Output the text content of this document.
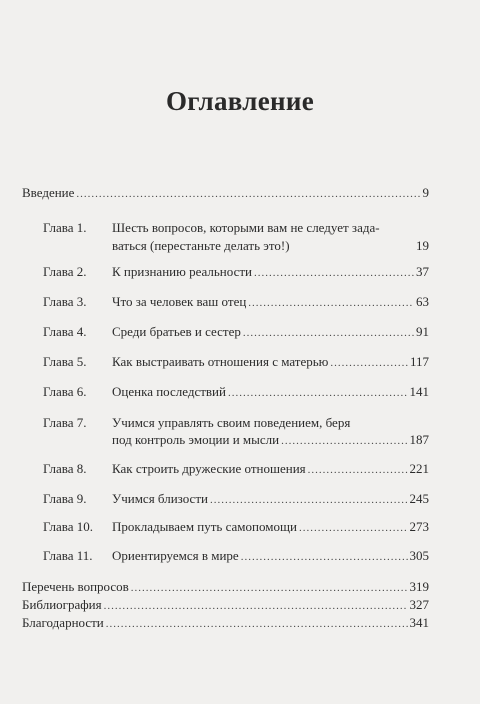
Оглавление
Введение .....	9
Глава 1. Шесть вопросов, которыми вам не следует зада-
ваться (перестаньте делать это!)	19
Глава 2.	К признанию реальности .....	37
Глава 3.	Что за человек ваш отец .....	63
Глава 4.	Среди братьев и сестер .....	91
Глава 5.	Как выстраивать отношения с матерью .....	117
Глава 6.	Оценка последствий .....	141
Глава 7. Учимся управлять своим поведением, беря
под контроль эмоции и мысли .....	187
Глава 8.	Как строить дружеские отношения .....	221
Глава 9.	Учимся близости .....	245
Глава 10.	Прокладываем путь самопомощи .....	273
Глава 11.	Ориентируемся в мире .....	305
Перечень вопросов .....	319
Библиография .....	327
Благодарности .....	341
